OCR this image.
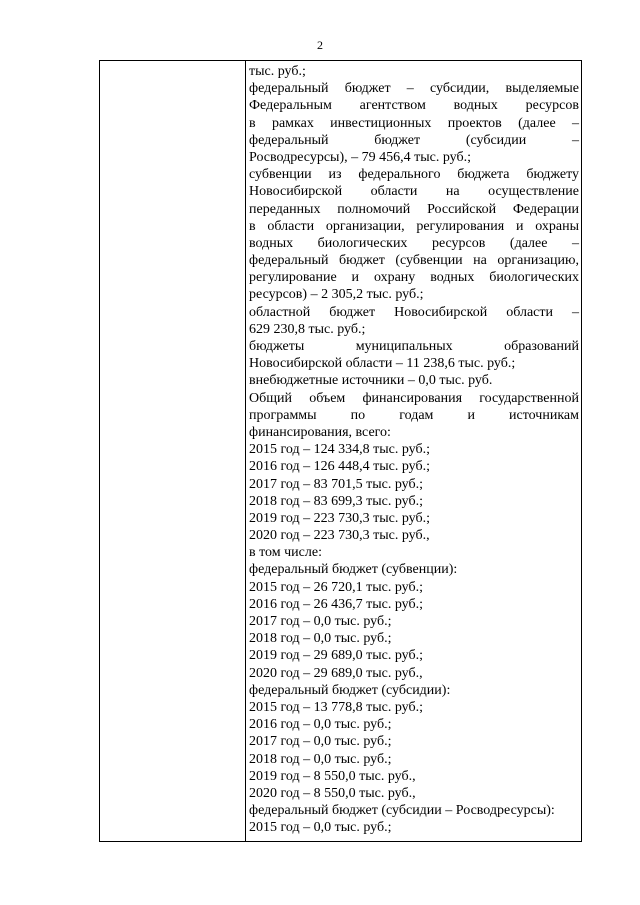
2
тыс. руб.;
федеральный бюджет – субсидии, выделяемые
Федеральным агентством водных ресурсов
в рамках инвестиционных проектов (далее –
федеральный бюджет (субсидии –
Росводресурсы), – 79 456,4 тыс. руб.;
субвенции из федерального бюджета бюджету
Новосибирской области на осуществление
переданных полномочий Российской Федерации
в области организации, регулирования и охраны
водных биологических ресурсов (далее –
федеральный бюджет (субвенции на организацию,
регулирование и охрану водных биологических
ресурсов) – 2 305,2 тыс. руб.;
областной бюджет Новосибирской области –
629 230,8 тыс. руб.;
бюджеты муниципальных образований
Новосибирской области – 11 238,6 тыс. руб.;
внебюджетные источники – 0,0 тыс. руб.
Общий объем финансирования государственной
программы по годам и источникам
финансирования, всего:
2015 год – 124 334,8 тыс. руб.;
2016 год – 126 448,4 тыс. руб.;
2017 год – 83 701,5 тыс. руб.;
2018 год – 83 699,3 тыс. руб.;
2019 год – 223 730,3 тыс. руб.;
2020 год – 223 730,3 тыс. руб.,
в том числе:
федеральный бюджет (субвенции):
2015 год – 26 720,1 тыс. руб.;
2016 год – 26 436,7 тыс. руб.;
2017 год – 0,0 тыс. руб.;
2018 год – 0,0 тыс. руб.;
2019 год – 29 689,0 тыс. руб.;
2020 год – 29 689,0 тыс. руб.,
федеральный бюджет (субсидии):
2015 год – 13 778,8 тыс. руб.;
2016 год – 0,0 тыс. руб.;
2017 год – 0,0 тыс. руб.;
2018 год – 0,0 тыс. руб.;
2019 год – 8 550,0 тыс. руб.,
2020 год – 8 550,0 тыс. руб.,
федеральный бюджет (субсидии – Росводресурсы):
2015 год – 0,0 тыс. руб.;
